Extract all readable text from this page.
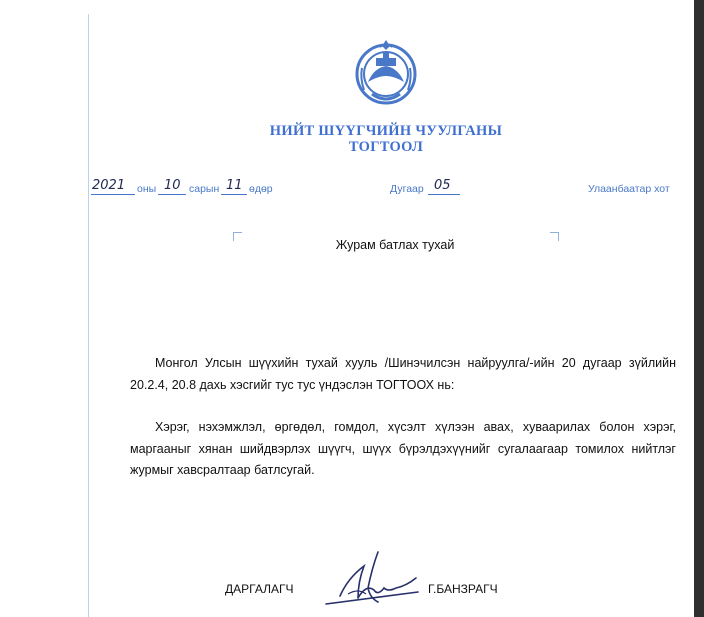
НИЙТ ШҮҮГЧИЙН ЧУУЛГАНЫ
ТОГТООЛ
2021 оны 10 сарын 11 өдөр	Дугаар 05	Улаанбаатар хот
Журам батлах тухай

Монгол Улсын шүүхийн тухай хууль /Шинэчилсэн найруулга/-ийн 20 дугаар зүйлийн 20.2.4, 20.8 дахь хэсгийг тус тус үндэслэн ТОГТООХ нь:

Хэрэг, нэхэмжлэл, өргөдөл, гомдол, хүсэлт хүлээн авах, хуваарилах болон хэрэг, маргааныг хянан шийдвэрлэх шүүгч, шүүх бүрэлдэхүүнийг сугалаагаар томилох нийтлэг журмыг хавсралтаар батлсугай.

ДАРГАЛАГЧ	Г.БАНЗРАГЧ
